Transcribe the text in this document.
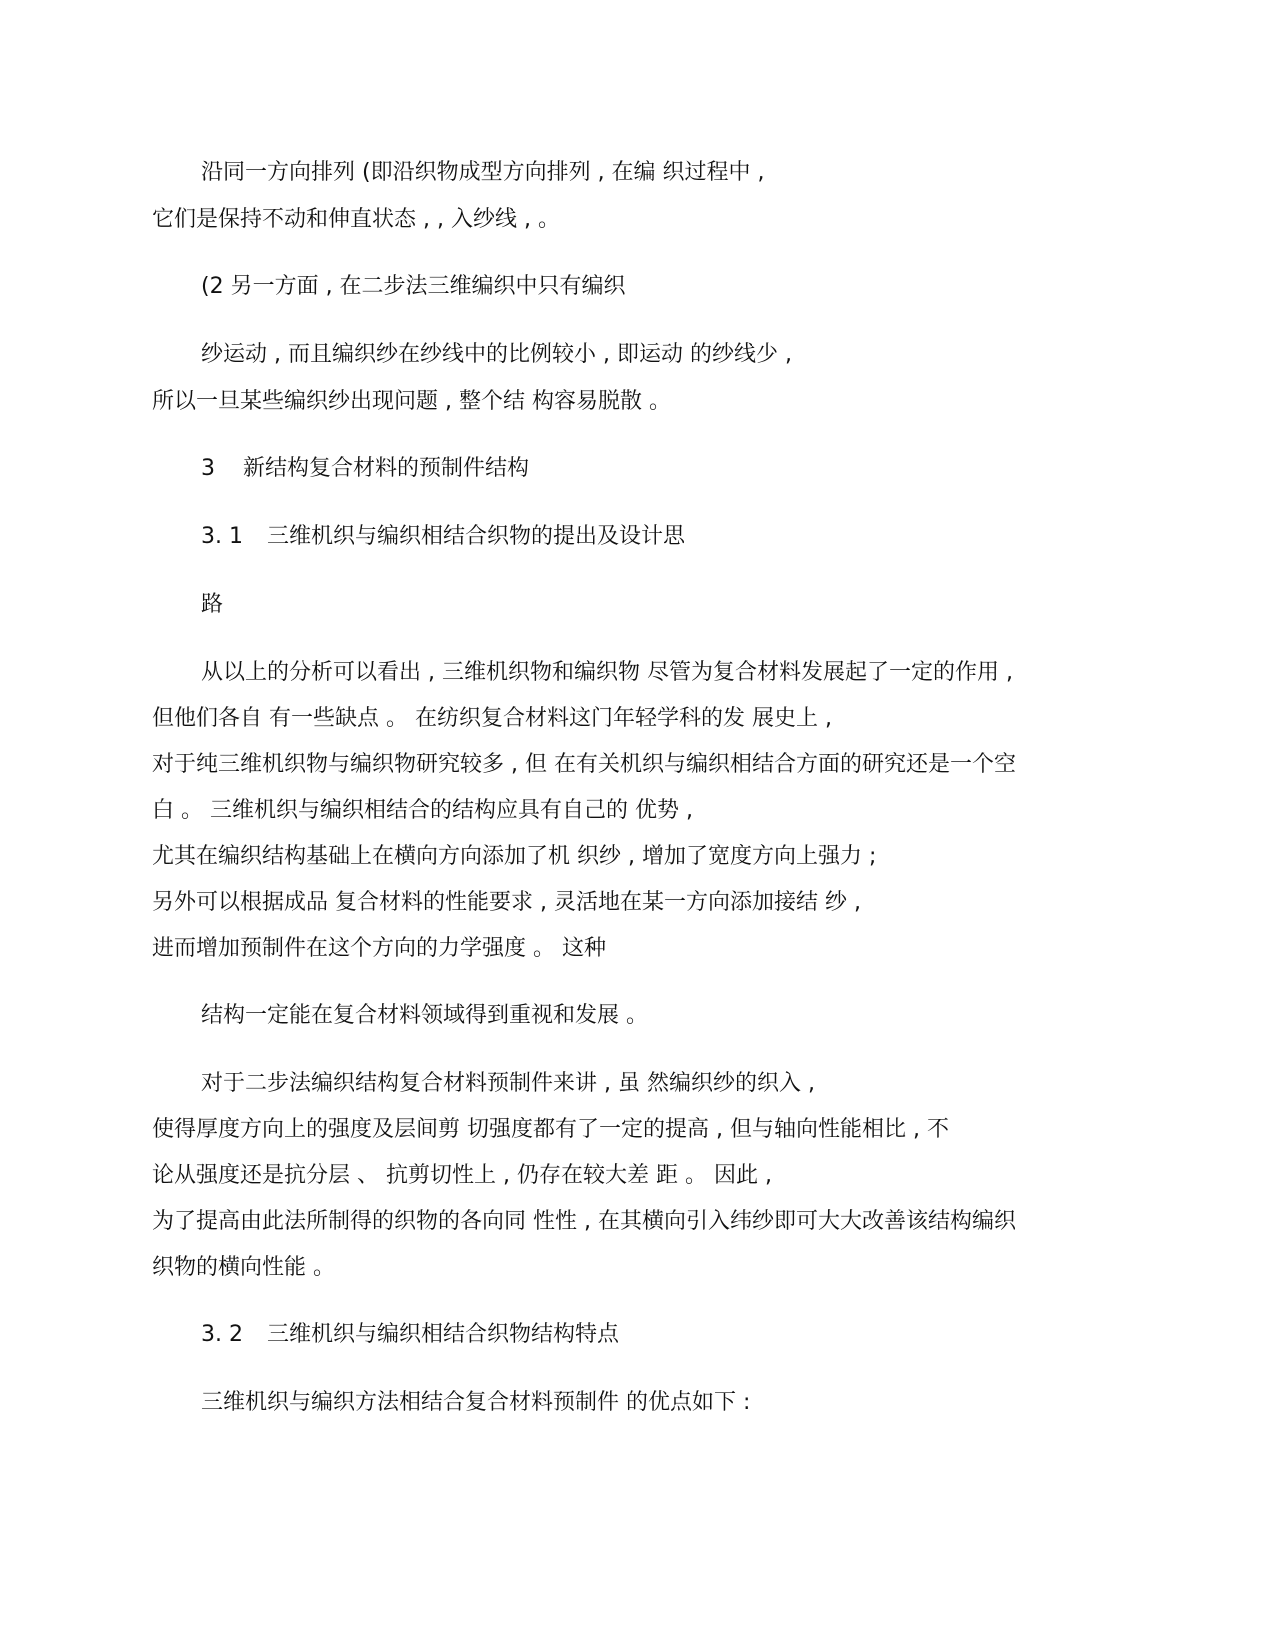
沿同一方向排列 (即沿织物成型方向排列 , 在编 织过程中 ,
它们是保持不动和伸直状态 , , 入纱线 , 。
(2 另一方面 , 在二步法三维编织中只有编织
纱运动 , 而且编织纱在纱线中的比例较小 , 即运动 的纱线少 ,
所以一旦某些编织纱出现问题 , 整个结 构容易脱散 。
3 新结构复合材料的预制件结构
3. 1 三维机织与编织相结合织物的提出及设计思
路
从以上的分析可以看出 , 三维机织物和编织物 尽管为复合材料发展起了一定的作用 ,
但他们各自 有一些缺点 。 在纺织复合材料这门年轻学科的发 展史上 ,
对于纯三维机织物与编织物研究较多 , 但 在有关机织与编织相结合方面的研究还是一个空
白 。 三维机织与编织相结合的结构应具有自己的 优势 ,
尤其在编织结构基础上在横向方向添加了机 织纱 , 增加了宽度方向上强力 ;
另外可以根据成品 复合材料的性能要求 , 灵活地在某一方向添加接结 纱 ,
进而增加预制件在这个方向的力学强度 。 这种
结构一定能在复合材料领域得到重视和发展 。
对于二步法编织结构复合材料预制件来讲 , 虽 然编织纱的织入 ,
使得厚度方向上的强度及层间剪 切强度都有了一定的提高 , 但与轴向性能相比 , 不
论从强度还是抗分层 、 抗剪切性上 , 仍存在较大差 距 。 因此 ,
为了提高由此法所制得的织物的各向同 性性 , 在其横向引入纬纱即可大大改善该结构编织
织物的横向性能 。
3. 2 三维机织与编织相结合织物结构特点
三维机织与编织方法相结合复合材料预制件 的优点如下 :
